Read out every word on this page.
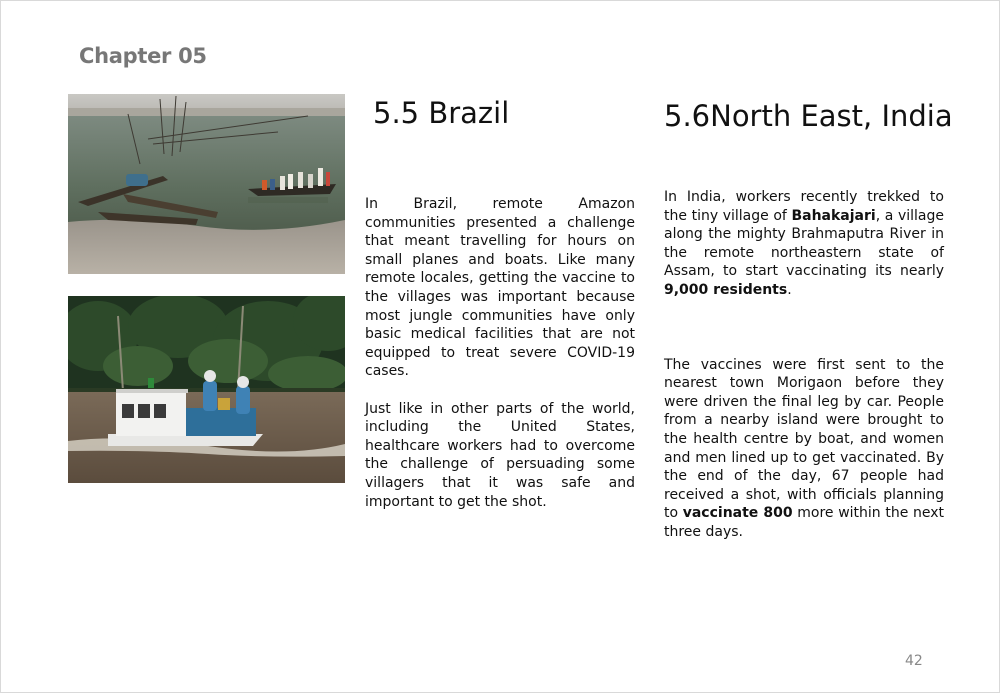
Chapter 05
5.5 Brazil

In Brazil, remote Amazon communities presented a challenge that meant travelling for hours on small planes and boats. Like many remote locales, getting the vaccine to the villages was important because most jungle communities have only basic medical facilities that are not equipped to treat severe COVID-19 cases.

Just like in other parts of the world, including the United States, healthcare workers had to overcome the challenge of persuading some villagers that it was safe and important to get the shot.

5.6North East, India

In India, workers recently trekked to the tiny village of Bahakajari, a village along the mighty Brahmaputra River in the remote northeastern state of Assam, to start vaccinating its nearly 9,000 residents.

The vaccines were first sent to the nearest town Morigaon before they were driven the final leg by car. People from a nearby island were brought to the health centre by boat, and women and men lined up to get vaccinated. By the end of the day, 67 people had received a shot, with officials planning to vaccinate 800 more within the next three days.

42
